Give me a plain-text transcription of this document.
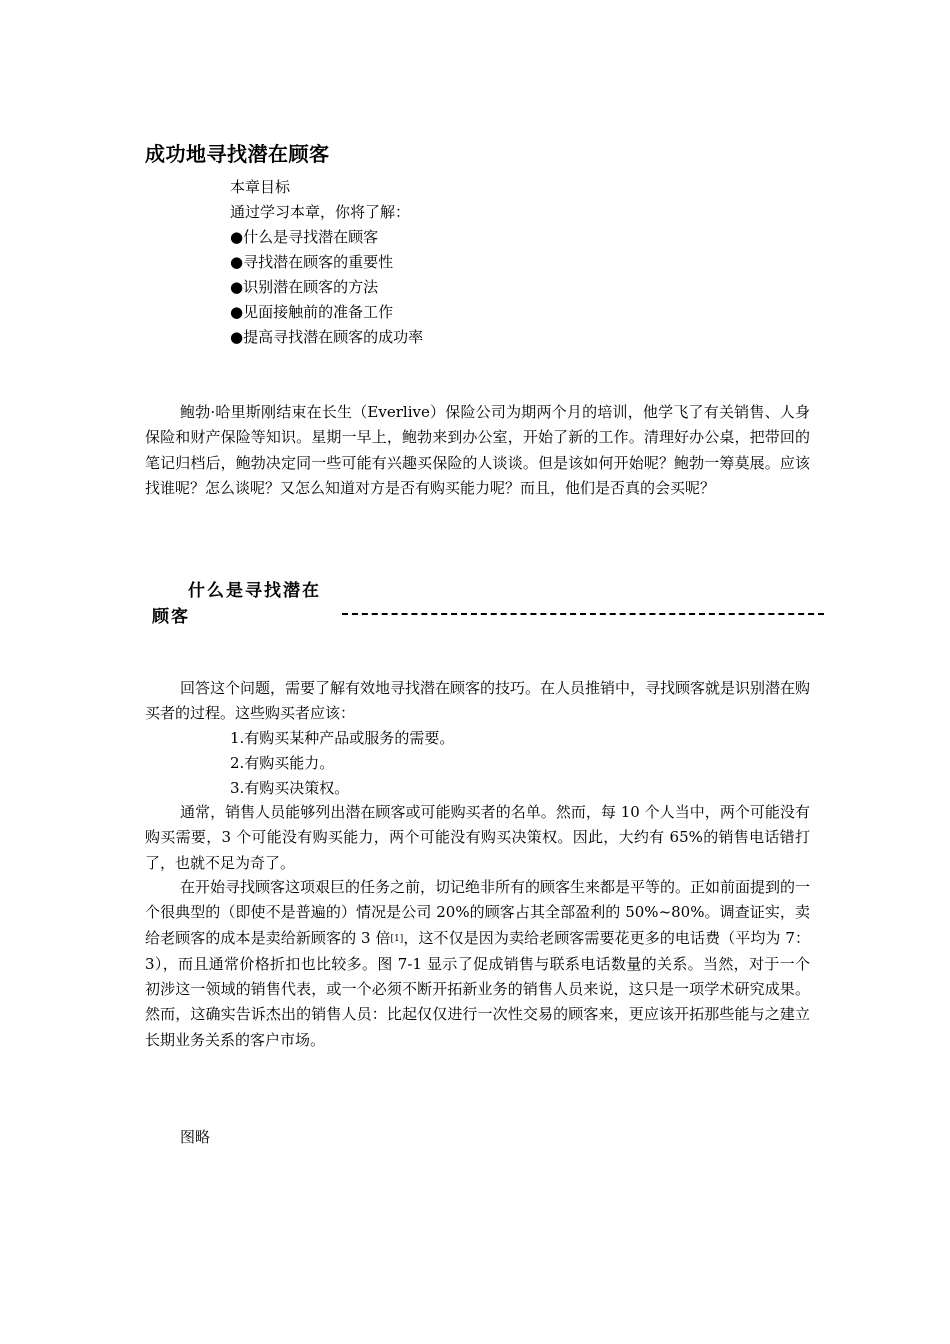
成功地寻找潜在顾客
本章目标
通过学习本章，你将了解：
●什么是寻找潜在顾客
●寻找潜在顾客的重要性
●识别潜在顾客的方法
●见面接触前的准备工作
●提高寻找潜在顾客的成功率

鲍勃·哈里斯刚结束在长生（Everlive）保险公司为期两个月的培训，他学飞了有关销售、人身保险和财产保险等知识。星期一早上，鲍勃来到办公室，开始了新的工作。清理好办公桌，把带回的笔记归档后，鲍勃决定同一些可能有兴趣买保险的人谈谈。但是该如何开始呢？鲍勃一筹莫展。应该找谁呢？怎么谈呢？又怎么知道对方是否有购买能力呢？而且，他们是否真的会买呢？

什么是寻找潜在
顾客

回答这个问题，需要了解有效地寻找潜在顾客的技巧。在人员推销中，寻找顾客就是识别潜在购买者的过程。这些购买者应该：

1.有购买某种产品或服务的需要。
2.有购买能力。
3.有购买决策权。

通常，销售人员能够列出潜在顾客或可能购买者的名单。然而，每 10 个人当中，两个可能没有购买需要，3 个可能没有购买能力，两个可能没有购买决策权。因此，大约有 65%的销售电话错打了，也就不足为奇了。

在开始寻找顾客这项艰巨的任务之前，切记绝非所有的顾客生来都是平等的。正如前面提到的一个很典型的（即使不是普遍的）情况是公司 20%的顾客占其全部盈利的 50%~80%。调查证实，卖给老顾客的成本是卖给新顾客的 3 倍[1]，这不仅是因为卖给老顾客需要花更多的电话费（平均为 7：3），而且通常价格折扣也比较多。图 7-1 显示了促成销售与联系电话数量的关系。当然，对于一个初涉这一领域的销售代表，或一个必须不断开拓新业务的销售人员来说，这只是一项学术研究成果。然而，这确实告诉杰出的销售人员：比起仅仅进行一次性交易的顾客来，更应该开拓那些能与之建立长期业务关系的客户市场。

图略
